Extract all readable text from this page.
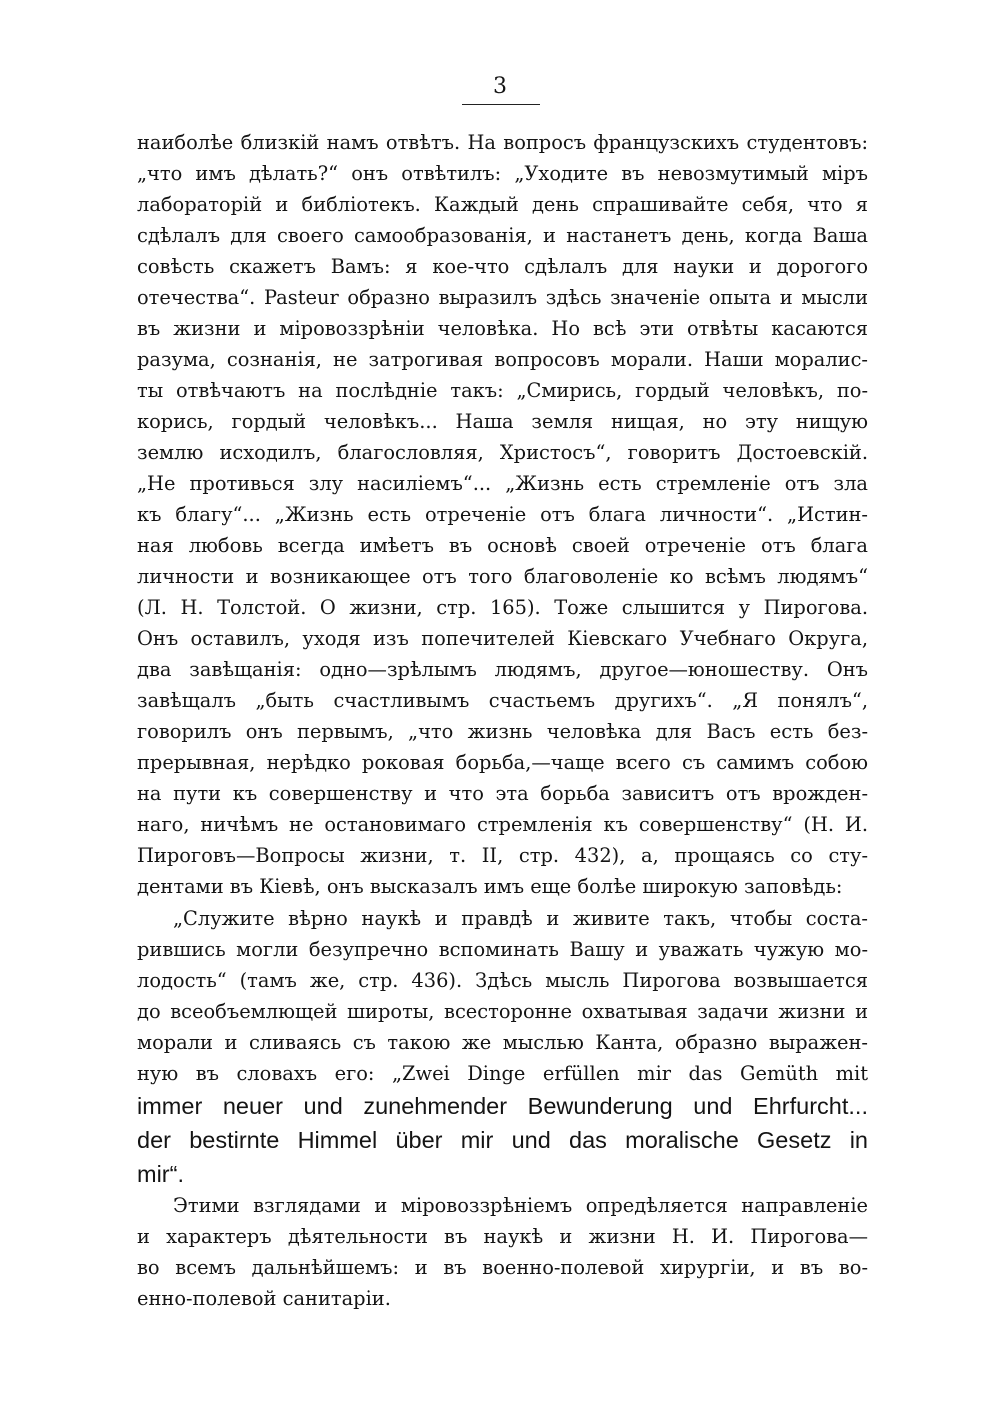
3
наиболѣе близкій намъ отвѣтъ. На вопросъ французскихъ студентовъ:
„что имъ дѣлать?“ онъ отвѣтилъ: „Уходите въ невозмутимый міръ
лабораторій и библіотекъ. Каждый день спрашивайте себя, что я
сдѣлалъ для своего самообразованія, и настанетъ день, когда Ваша
совѣсть скажетъ Вамъ: я кое-что сдѣлалъ для науки и дорогого
отечества“. Pasteur образно выразилъ здѣсь значеніе опыта и мысли
въ жизни и міровоззрѣніи человѣка. Но всѣ эти отвѣты касаются
разума, сознанія, не затрогивая вопросовъ морали. Наши моралис-
ты отвѣчаютъ на послѣдніе такъ: „Смирись, гордый человѣкъ, по-
корись, гордый человѣкъ... Наша земля нищая, но эту нищую
землю исходилъ, благословляя, Христосъ“, говоритъ Достоевскій.
„Не противься злу насиліемъ“... „Жизнь есть стремленіе отъ зла
къ благу“... „Жизнь есть отреченіе отъ блага личности“. „Истин-
ная любовь всегда имѣетъ въ основѣ своей отреченіе отъ блага
личности и возникающее отъ того благоволеніе ко всѣмъ людямъ“
(Л. Н. Толстой. О жизни, стр. 165). Тоже слышится у Пирогова.
Онъ оставилъ, уходя изъ попечителей Кіевскаго Учебнаго Округа,
два завѣщанія: одно—зрѣлымъ людямъ, другое—юношеству. Онъ
завѣщалъ „быть счастливымъ счастьемъ другихъ“. „Я понялъ“,
говорилъ онъ первымъ, „что жизнь человѣка для Васъ есть без-
прерывная, нерѣдко роковая борьба,—чаще всего съ самимъ собою
на пути къ совершенству и что эта борьба зависитъ отъ врожден-
наго, ничѣмъ не остановимаго стремленія къ совершенству“ (Н. И.
Пироговъ—Вопросы жизни, т. II, стр. 432), а, прощаясь со сту-
дентами въ Кіевѣ, онъ высказалъ имъ еще болѣе широкую заповѣдь:
„Служите вѣрно наукѣ и правдѣ и живите такъ, чтобы соста-
рившись могли безупречно вспоминать Вашу и уважать чужую мо-
лодость“ (тамъ же, стр. 436). Здѣсь мысль Пирогова возвышается
до всеобъемлющей широты, всесторонне охватывая задачи жизни и
морали и сливаясь съ такою же мыслью Канта, образно выражен-
ную въ словахъ его: „Zwei Dinge erfüllen mir das Gemüth mit
immer neuer und zunehmender Bewunderung und Ehrfurcht...
der bestirnte Himmel über mir und das moralische Gesetz in
mir“.
Этими взглядами и міровоззрѣніемъ опредѣляется направленіе
и характеръ дѣятельности въ наукѣ и жизни Н. И. Пирогова—
во всемъ дальнѣйшемъ: и въ военно-полевой хирургіи, и въ во-
енно-полевой санитаріи.
